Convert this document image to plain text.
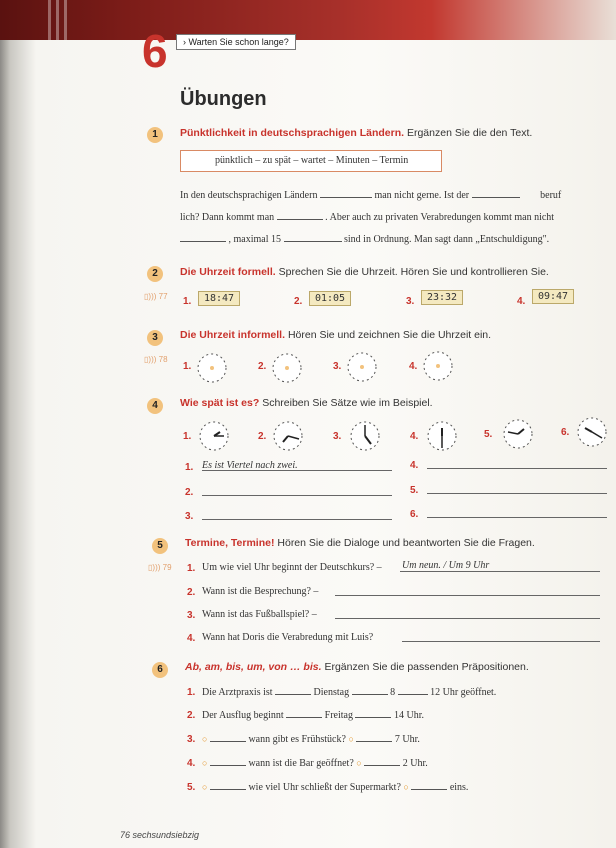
6	› Warten Sie schon lange?
Übungen
1	Pünktlichkeit in deutschsprachigen Ländern. Ergänzen Sie die den Text.
pünktlich – zu spät – wartet – Minuten – Termin
In den deutschsprachigen Ländern	man nicht gerne. Ist der	beruf
lich? Dann kommt man	. Aber auch zu privaten Verabredungen kommt man nicht
, maximal 15	sind in Ordnung. Man sagt dann „Entschuldigung".
2	Die Uhrzeit formell. Sprechen Sie die Uhrzeit. Hören Sie und kontrollieren Sie.
▯))) 77 1.	18:47	2.	01:05	3.	23:32	4.	09:47
3	Die Uhrzeit informell. Hören Sie und zeichnen Sie die Uhrzeit ein.
▯))) 78
1.	2.	3.	4.
4	Wie spät ist es? Schreiben Sie Sätze wie im Beispiel.
1.	2.	3.	4.	5.	6.
1. Es ist Viertel nach zwei.	4.
2.	5.
3.	6.
5	Termine, Termine! Hören Sie die Dialoge und beantworten Sie die Fragen.
▯))) 79 1. Um wie viel Uhr beginnt der Deutschkurs? – Um neun. / Um 9 Uhr
2. Wann ist die Besprechung? –
3. Wann ist das Fußballspiel? –
4. Wann hat Doris die Verabredung mit Luis?
6	Ab, am, bis, um, von … bis. Ergänzen Sie die passenden Präpositionen.
1. Die Arztpraxis ist	Dienstag	8	12 Uhr geöffnet.
2. Der Ausflug beginnt	Freitag	14 Uhr.
3. ○	wann gibt es Frühstück? ○	7 Uhr.
4. ○	wann ist die Bar geöffnet? ○	2 Uhr.
5. ○	wie viel Uhr schließt der Supermarkt? ○	eins.
76 sechsundsiebzig
